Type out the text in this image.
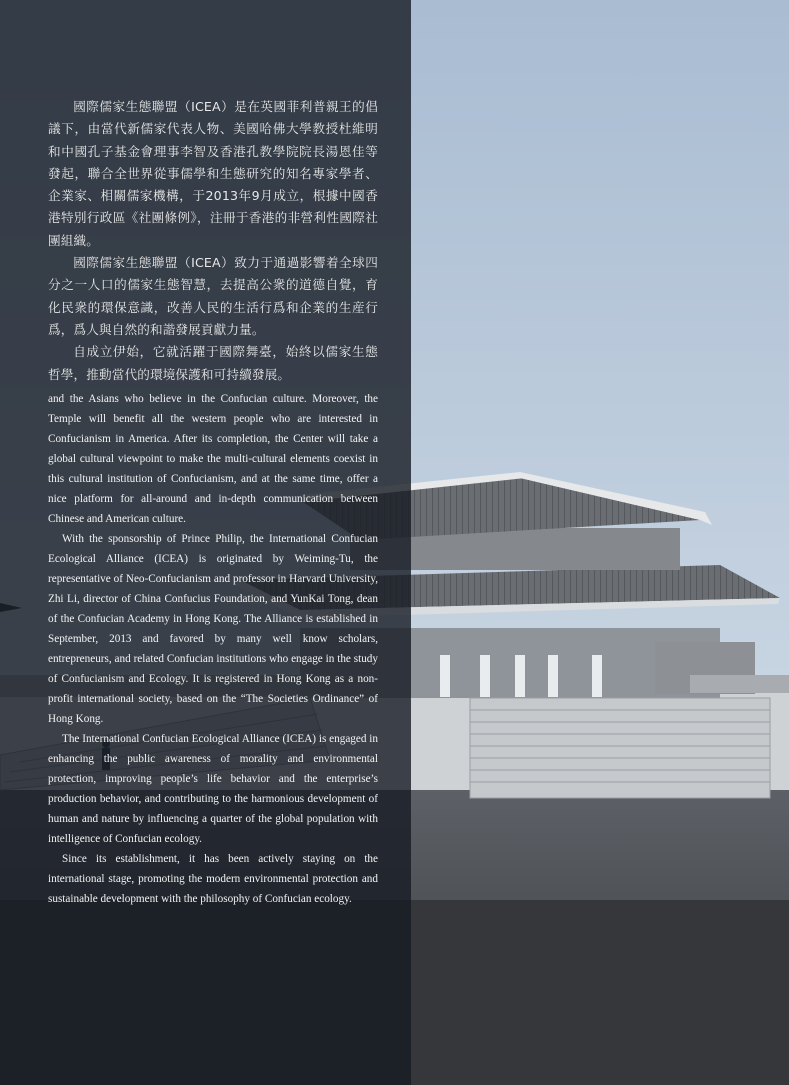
國際儒家生態聯盟（ICEA）是在英國菲利普親王的倡議下，由當代新儒家代表人物、美國哈佛大學教授杜維明和中國孔子基金會理事李智及香港孔教學院院長湯恩佳等發起，聯合全世界從事儒學和生態研究的知名專家學者、企業家、相關儒家機構，于2013年9月成立，根據中國香港特別行政區《社團條例》，注冊于香港的非營利性國際社團組織。

國際儒家生態聯盟（ICEA）致力于通過影響着全球四分之一人口的儒家生態智慧，去提高公衆的道德自覺，育化民衆的環保意識，改善人民的生活行爲和企業的生産行爲，爲人與自然的和諧發展貢獻力量。

自成立伊始，它就活躍于國際舞臺，始終以儒家生態哲學，推動當代的環境保護和可持續發展。

and the Asians who believe in the Confucian culture. Moreover, the Temple will benefit all the western people who are interested in Confucianism in America. After its completion, the Center will take a global cultural viewpoint to make the multi-cultural elements coexist in this cultural institution of Confucianism, and at the same time, offer a nice platform for all-around and in-depth communication between Chinese and American culture.

With the sponsorship of Prince Philip, the International Confucian Ecological Alliance (ICEA) is originated by Weiming-Tu, the representative of Neo-Confucianism and professor in Harvard University, Zhi Li, director of China Confucius Foundation, and YunKai Tong, dean of the Confucian Academy in Hong Kong. The Alliance is established in September, 2013 and favored by many well know scholars, entrepreneurs, and related Confucian institutions who engage in the study of Confucianism and Ecology. It is registered in Hong Kong as a non-profit international society, based on the “The Societies Ordinance” of Hong Kong.

The International Confucian Ecological Alliance (ICEA) is engaged in enhancing the public awareness of morality and environmental protection, improving people’s life behavior and the enterprise’s production behavior, and contributing to the harmonious development of human and nature by influencing a quarter of the global population with intelligence of Confucian ecology.

Since its establishment, it has been actively staying on the international stage, promoting the modern environmental protection and sustainable development with the philosophy of Confucian ecology.
